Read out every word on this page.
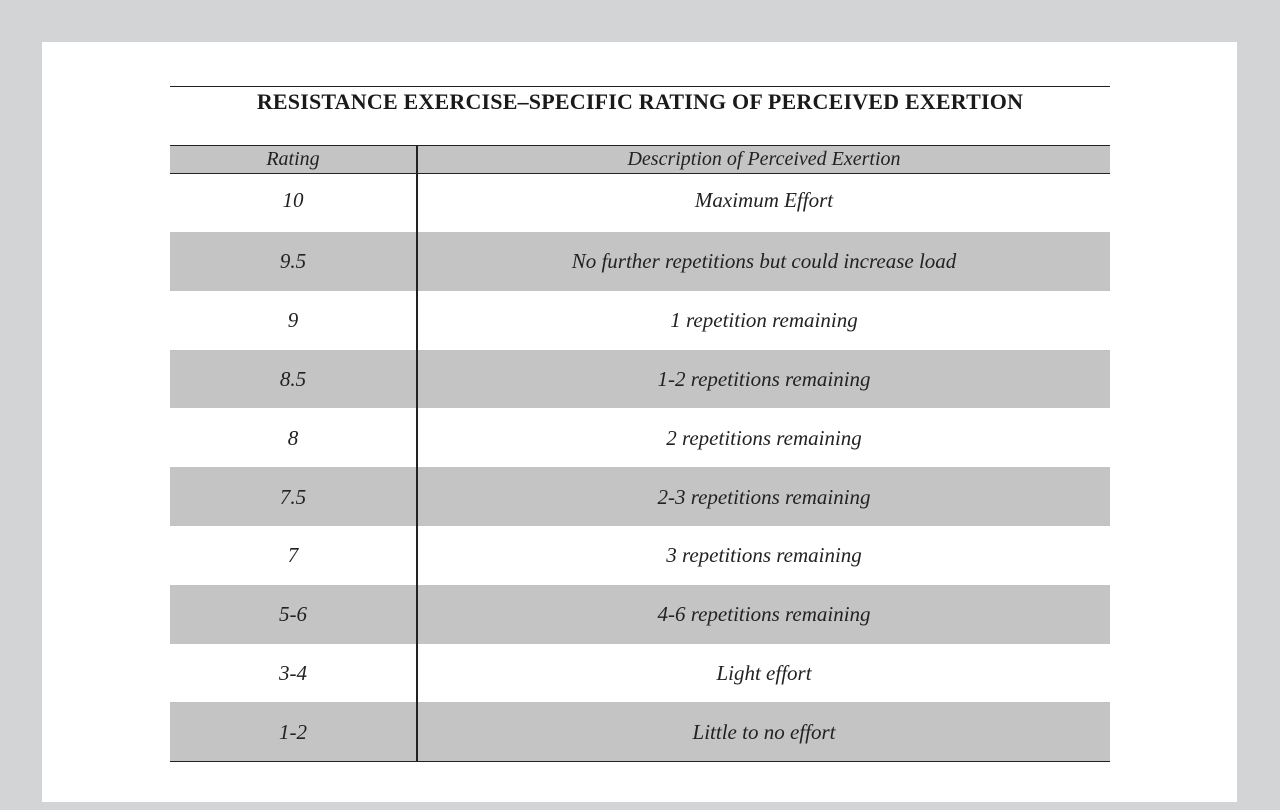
RESISTANCE EXERCISE–SPECIFIC RATING OF PERCEIVED EXERTION
Rating	Description of Perceived Exertion
10	Maximum Effort
9.5	No further repetitions but could increase load
9	1 repetition remaining
8.5	1-2 repetitions remaining
8	2 repetitions remaining
7.5	2-3 repetitions remaining
7	3 repetitions remaining
5-6	4-6 repetitions remaining
3-4	Light effort
1-2	Little to no effort
